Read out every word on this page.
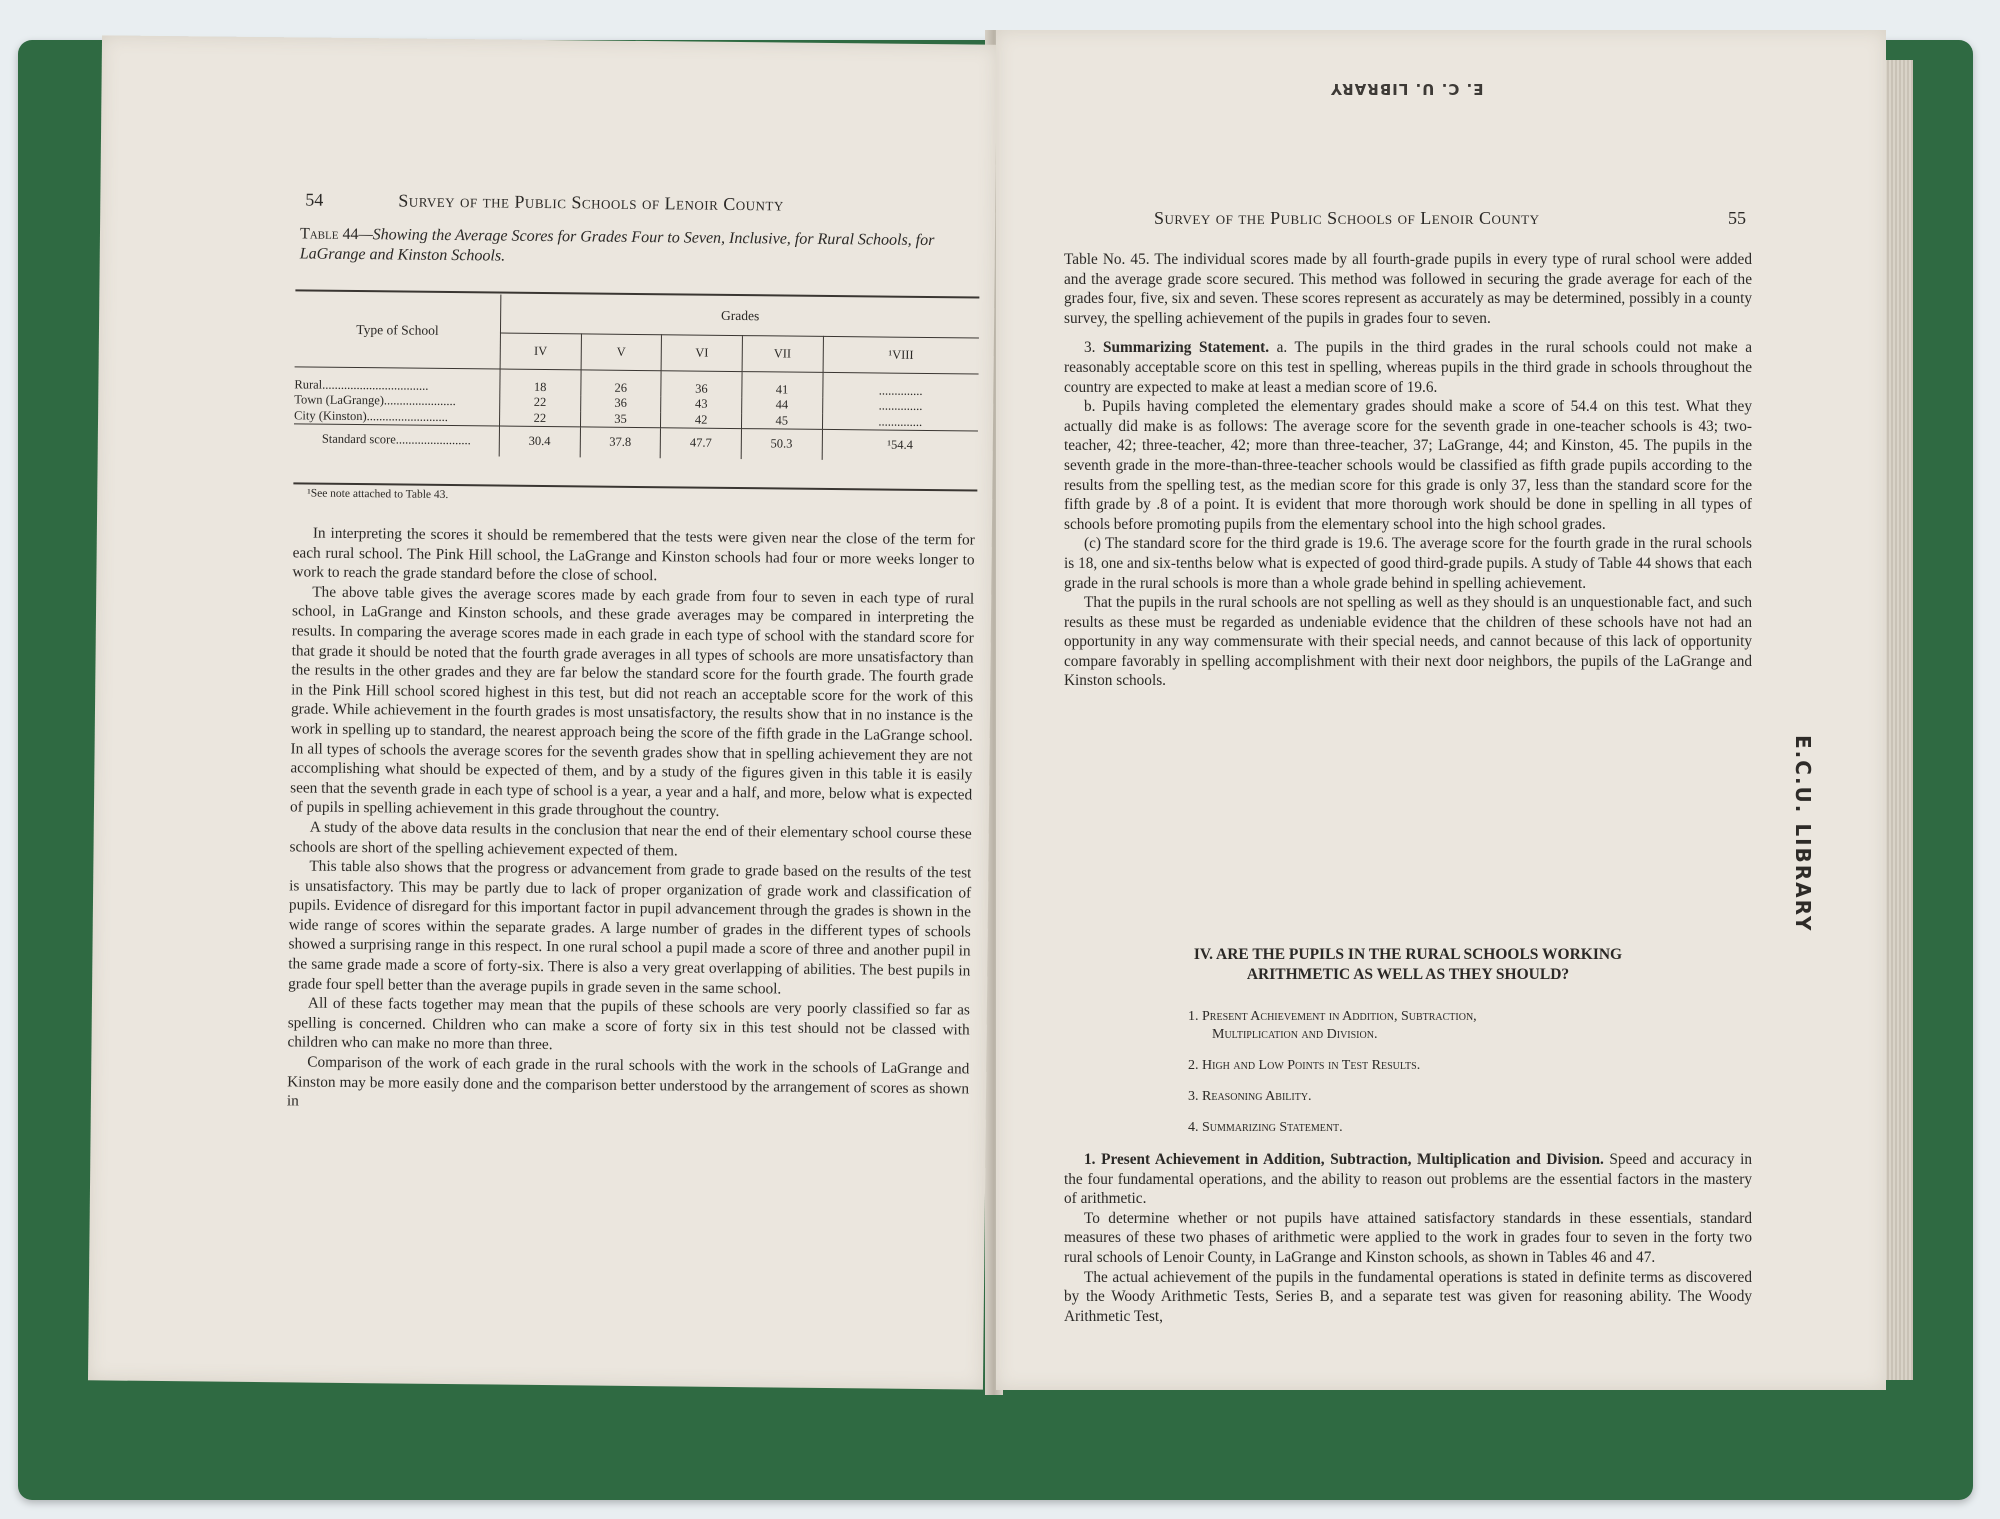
54	Survey of the Public Schools of Lenoir County
Table 44—Showing the Average Scores for Grades Four to Seven, Inclusive, for Rural Schools, for LaGrange and Kinston Schools.
Type of School	Grades				
	IV	V	VI	VII	¹VIII
Rural..................................	18	26	36	41	..............
Town (LaGrange).......................	22	36	43	44	..............
City (Kinston)..........................	22	35	42	45	..............
Standard score........................	30.4	37.8	47.7	50.3	¹54.4
¹See note attached to Table 43.

In interpreting the scores it should be remembered that the tests were given near the close of the term for each rural school. The Pink Hill school, the LaGrange and Kinston schools had four or more weeks longer to work to reach the grade standard before the close of school.

The above table gives the average scores made by each grade from four to seven in each type of rural school, in LaGrange and Kinston schools, and these grade averages may be compared in interpreting the results. In comparing the average scores made in each grade in each type of school with the standard score for that grade it should be noted that the fourth grade averages in all types of schools are more unsatisfactory than the results in the other grades and they are far below the standard score for the fourth grade. The fourth grade in the Pink Hill school scored highest in this test, but did not reach an acceptable score for the work of this grade. While achievement in the fourth grades is most unsatisfactory, the results show that in no instance is the work in spelling up to standard, the nearest approach being the score of the fifth grade in the LaGrange school. In all types of schools the average scores for the seventh grades show that in spelling achievement they are not accomplishing what should be expected of them, and by a study of the figures given in this table it is easily seen that the seventh grade in each type of school is a year, a year and a half, and more, below what is expected of pupils in spelling achievement in this grade throughout the country.

A study of the above data results in the conclusion that near the end of their elementary school course these schools are short of the spelling achievement expected of them.

This table also shows that the progress or advancement from grade to grade based on the results of the test is unsatisfactory. This may be partly due to lack of proper organization of grade work and classification of pupils. Evidence of disregard for this important factor in pupil advancement through the grades is shown in the wide range of scores within the separate grades. A large number of grades in the different types of schools showed a surprising range in this respect. In one rural school a pupil made a score of three and another pupil in the same grade made a score of forty-six. There is also a very great overlapping of abilities. The best pupils in grade four spell better than the average pupils in grade seven in the same school.

All of these facts together may mean that the pupils of these schools are very poorly classified so far as spelling is concerned. Children who can make a score of forty six in this test should not be classed with children who can make no more than three.

Comparison of the work of each grade in the rural schools with the work in the schools of LaGrange and Kinston may be more easily done and the comparison better understood by the arrangement of scores as shown in

Survey of the Public Schools of Lenoir County	55

Table No. 45. The individual scores made by all fourth-grade pupils in every type of rural school were added and the average grade score secured. This method was followed in securing the grade average for each of the grades four, five, six and seven. These scores represent as accurately as may be determined, possibly in a county survey, the spelling achievement of the pupils in grades four to seven.

3. Summarizing Statement. a. The pupils in the third grades in the rural schools could not make a reasonably acceptable score on this test in spelling, whereas pupils in the third grade in schools throughout the country are expected to make at least a median score of 19.6.

b. Pupils having completed the elementary grades should make a score of 54.4 on this test. What they actually did make is as follows: The average score for the seventh grade in one-teacher schools is 43; two-teacher, 42; three-teacher, 42; more than three-teacher, 37; LaGrange, 44; and Kinston, 45. The pupils in the seventh grade in the more-than-three-teacher schools would be classified as fifth grade pupils according to the results from the spelling test, as the median score for this grade is only 37, less than the standard score for the fifth grade by .8 of a point. It is evident that more thorough work should be done in spelling in all types of schools before promoting pupils from the elementary school into the high school grades.

(c) The standard score for the third grade is 19.6. The average score for the fourth grade in the rural schools is 18, one and six-tenths below what is expected of good third-grade pupils. A study of Table 44 shows that each grade in the rural schools is more than a whole grade behind in spelling achievement.

That the pupils in the rural schools are not spelling as well as they should is an unquestionable fact, and such results as these must be regarded as undeniable evidence that the children of these schools have not had an opportunity in any way commensurate with their special needs, and cannot because of this lack of opportunity compare favorably in spelling accomplishment with their next door neighbors, the pupils of the LaGrange and Kinston schools.

IV. ARE THE PUPILS IN THE RURAL SCHOOLS WORKING
ARITHMETIC AS WELL AS THEY SHOULD?
1. Present Achievement in Addition, Subtraction,
Multiplication and Division.
2. High and Low Points in Test Results.
3. Reasoning Ability.
4. Summarizing Statement.

1. Present Achievement in Addition, Subtraction, Multiplication and Division. Speed and accuracy in the four fundamental operations, and the ability to reason out problems are the essential factors in the mastery of arithmetic.

To determine whether or not pupils have attained satisfactory standards in these essentials, standard measures of these two phases of arithmetic were applied to the work in grades four to seven in the forty two rural schools of Lenoir County, in LaGrange and Kinston schools, as shown in Tables 46 and 47.

The actual achievement of the pupils in the fundamental operations is stated in definite terms as discovered by the Woody Arithmetic Tests, Series B, and a separate test was given for reasoning ability. The Woody Arithmetic Test,

E. C. U. LIBRARY
E.C.U. LIBRARY
